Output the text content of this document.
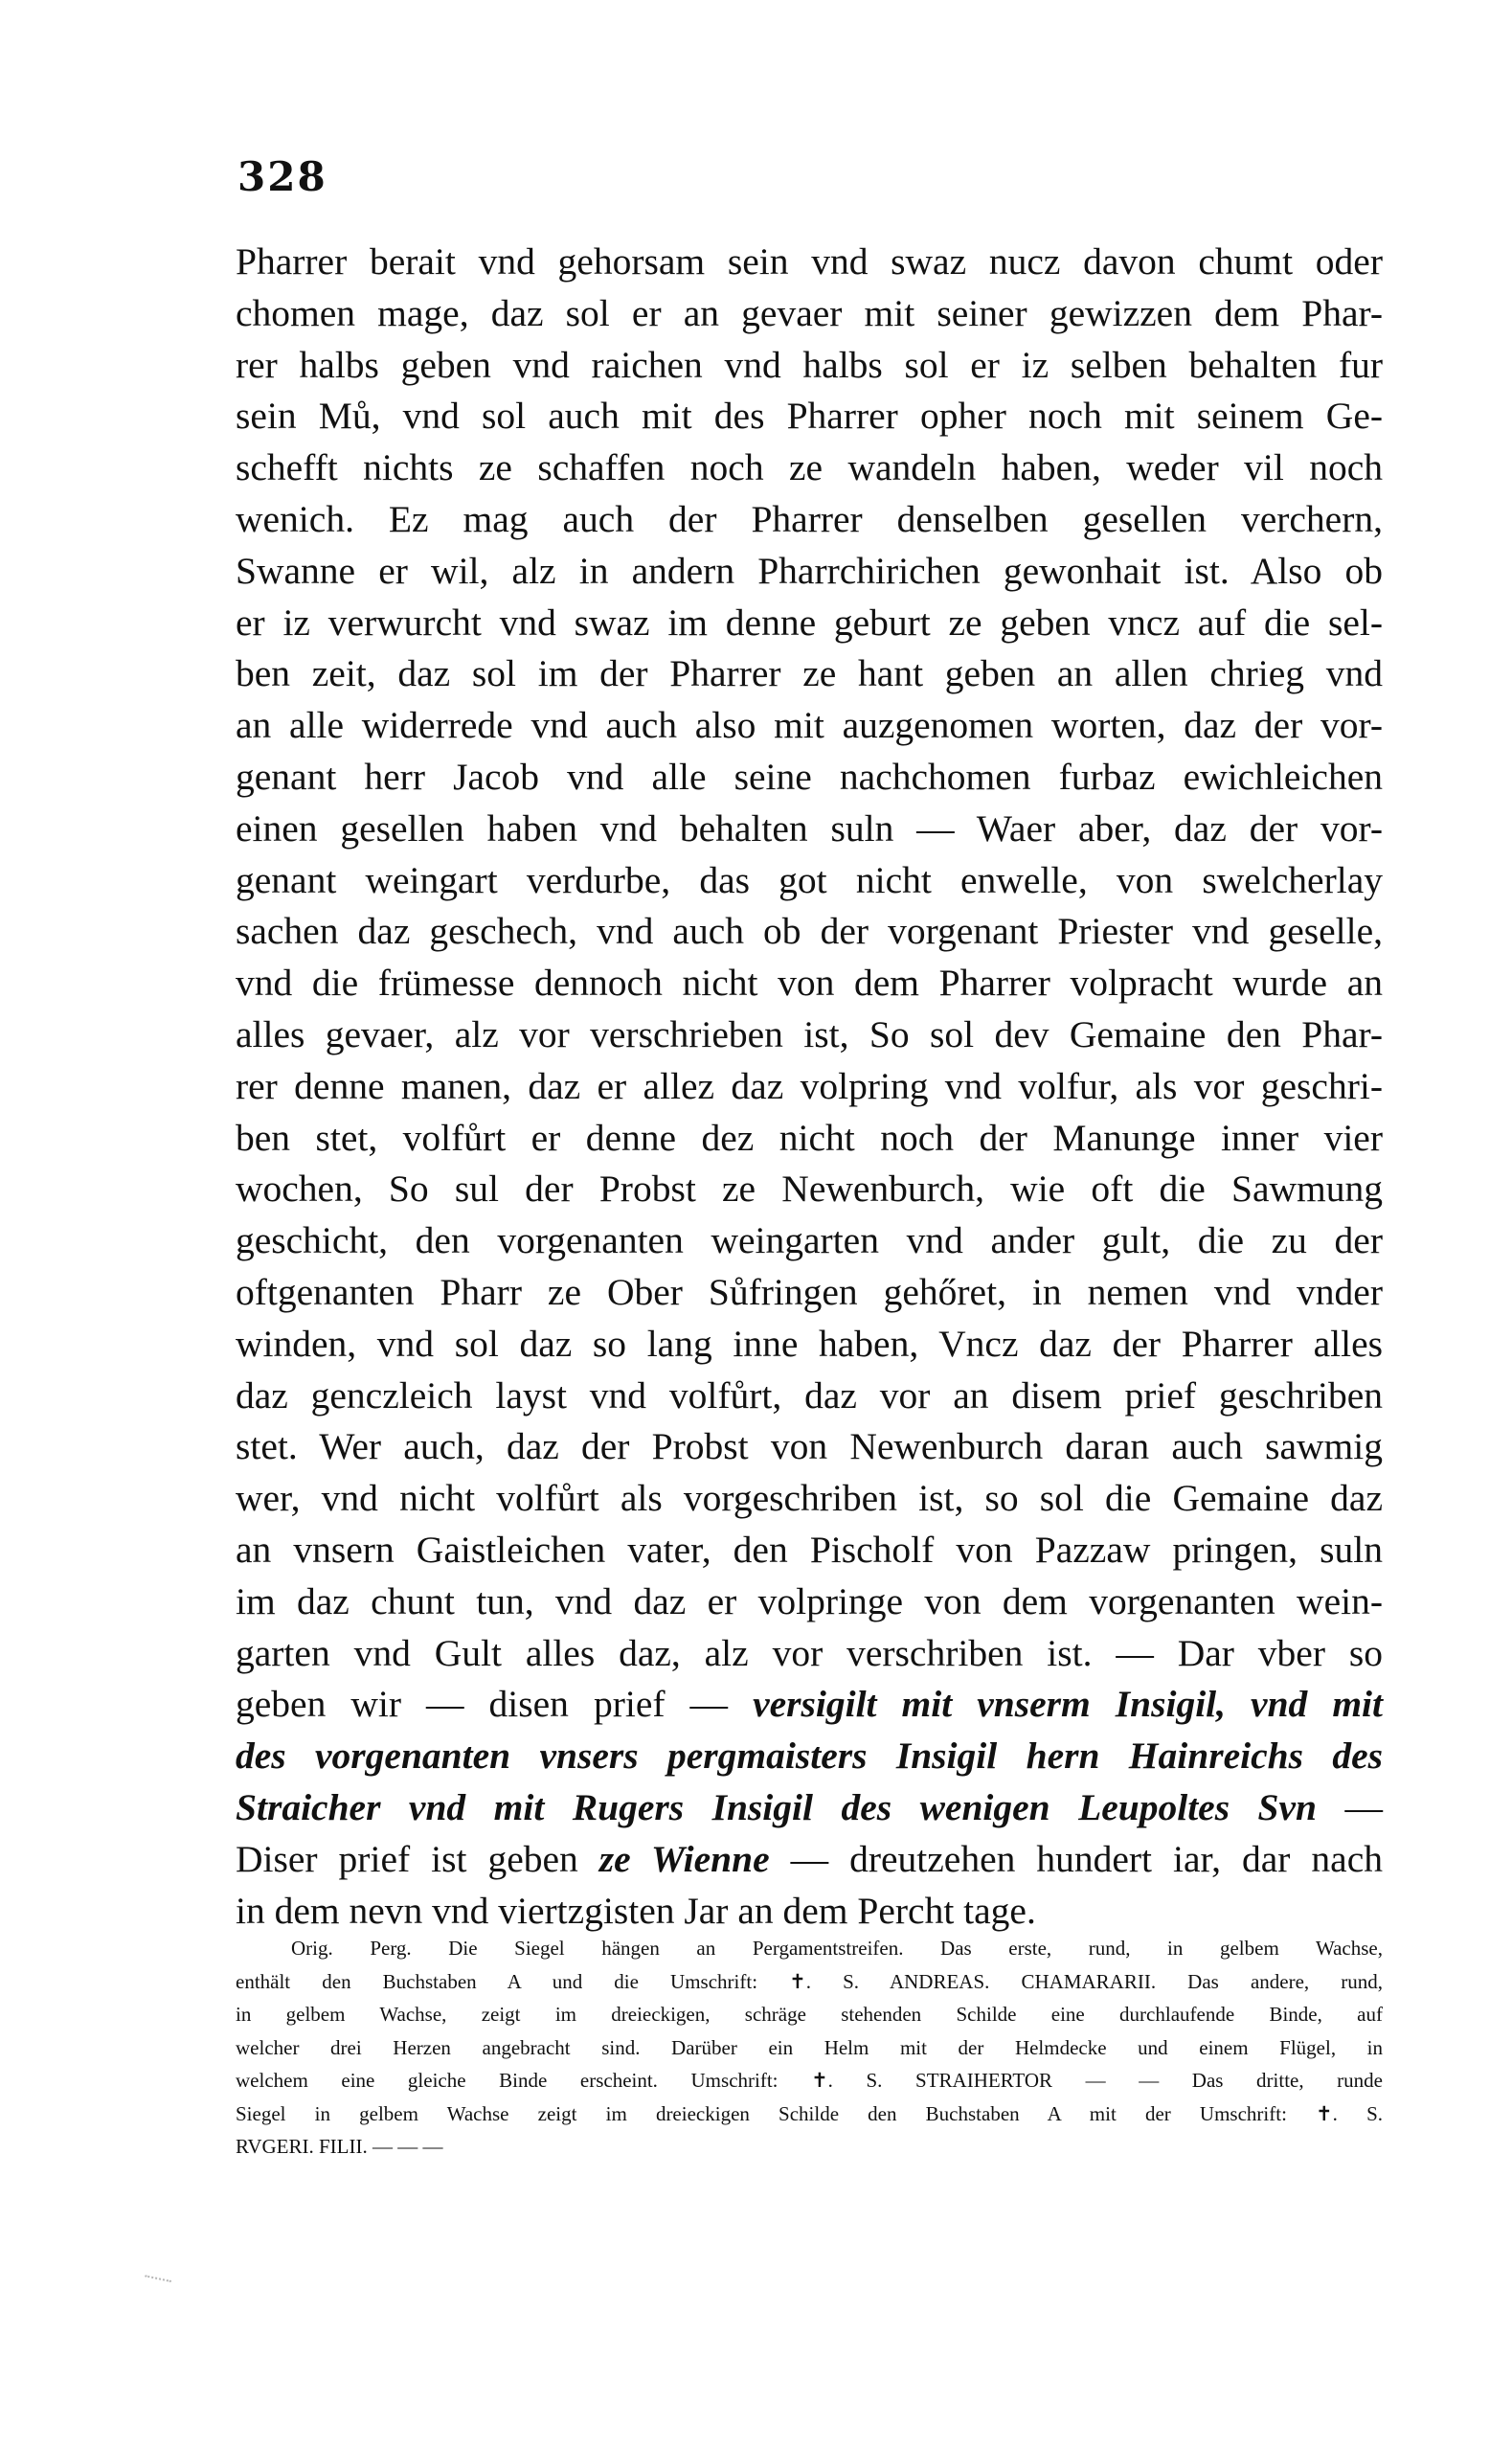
328
Pharrer berait vnd gehorsam sein vnd swaz nucz davon chumt oder
chomen mage, daz sol er an gevaer mit seiner gewizzen dem Phar-
rer halbs geben vnd raichen vnd halbs sol er iz selben behalten fur
sein Mů, vnd sol auch mit des Pharrer opher noch mit seinem Ge-
schefft nichts ze schaffen noch ze wandeln haben, weder vil noch
wenich. Ez mag auch der Pharrer denselben gesellen verchern,
Swanne er wil, alz in andern Pharrchirichen gewonhait ist. Also ob
er iz verwurcht vnd swaz im denne geburt ze geben vncz auf die sel-
ben zeit, daz sol im der Pharrer ze hant geben an allen chrieg vnd
an alle widerrede vnd auch also mit auzgenomen worten, daz der vor-
genant herr Jacob vnd alle seine nachchomen furbaz ewichleichen
einen gesellen haben vnd behalten suln — Waer aber, daz der vor-
genant weingart verdurbe, das got nicht enwelle, von swelcherlay
sachen daz geschech, vnd auch ob der vorgenant Priester vnd geselle,
vnd die frümesse dennoch nicht von dem Pharrer volpracht wurde an
alles gevaer, alz vor verschrieben ist, So sol dev Gemaine den Phar-
rer denne manen, daz er allez daz volpring vnd volfur, als vor geschri-
ben stet, volfůrt er denne dez nicht noch der Manunge inner vier
wochen, So sul der Probst ze Newenburch, wie oft die Sawmung
geschicht, den vorgenanten weingarten vnd ander gult, die zu der
oftgenanten Pharr ze Ober Sůfringen gehőret, in nemen vnd vnder
winden, vnd sol daz so lang inne haben, Vncz daz der Pharrer alles
daz genczleich layst vnd volfůrt, daz vor an disem prief geschriben
stet. Wer auch, daz der Probst von Newenburch daran auch sawmig
wer, vnd nicht volfůrt als vorgeschriben ist, so sol die Gemaine daz
an vnsern Gaistleichen vater, den Pischolf von Pazzaw pringen, suln
im daz chunt tun, vnd daz er volpringe von dem vorgenanten wein-
garten vnd Gult alles daz, alz vor verschriben ist. — Dar vber so
geben wir — disen prief — versigilt mit vnserm Insigil, vnd mit
des vorgenanten vnsers pergmaisters Insigil hern Hainreichs des
Straicher vnd mit Rugers Insigil des wenigen Leupoltes Svn —
Diser prief ist geben ze Wienne — dreutzehen hundert iar, dar nach
in dem nevn vnd viertzgisten Jar an dem Percht tage.
Orig. Perg. Die Siegel hängen an Pergamentstreifen. Das erste, rund, in gelbem Wachse,
enthält den Buchstaben A und die Umschrift: ✝. S. ANDREAS. CHAMARARII. Das andere, rund,
in gelbem Wachse, zeigt im dreieckigen, schräge stehenden Schilde eine durchlaufende Binde, auf
welcher drei Herzen angebracht sind. Darüber ein Helm mit der Helmdecke und einem Flügel, in
welchem eine gleiche Binde erscheint. Umschrift: ✝. S. STRAIHERTOR — — Das dritte, runde
Siegel in gelbem Wachse zeigt im dreieckigen Schilde den Buchstaben A mit der Umschrift: ✝. S.
RVGERI. FILII. — — —
